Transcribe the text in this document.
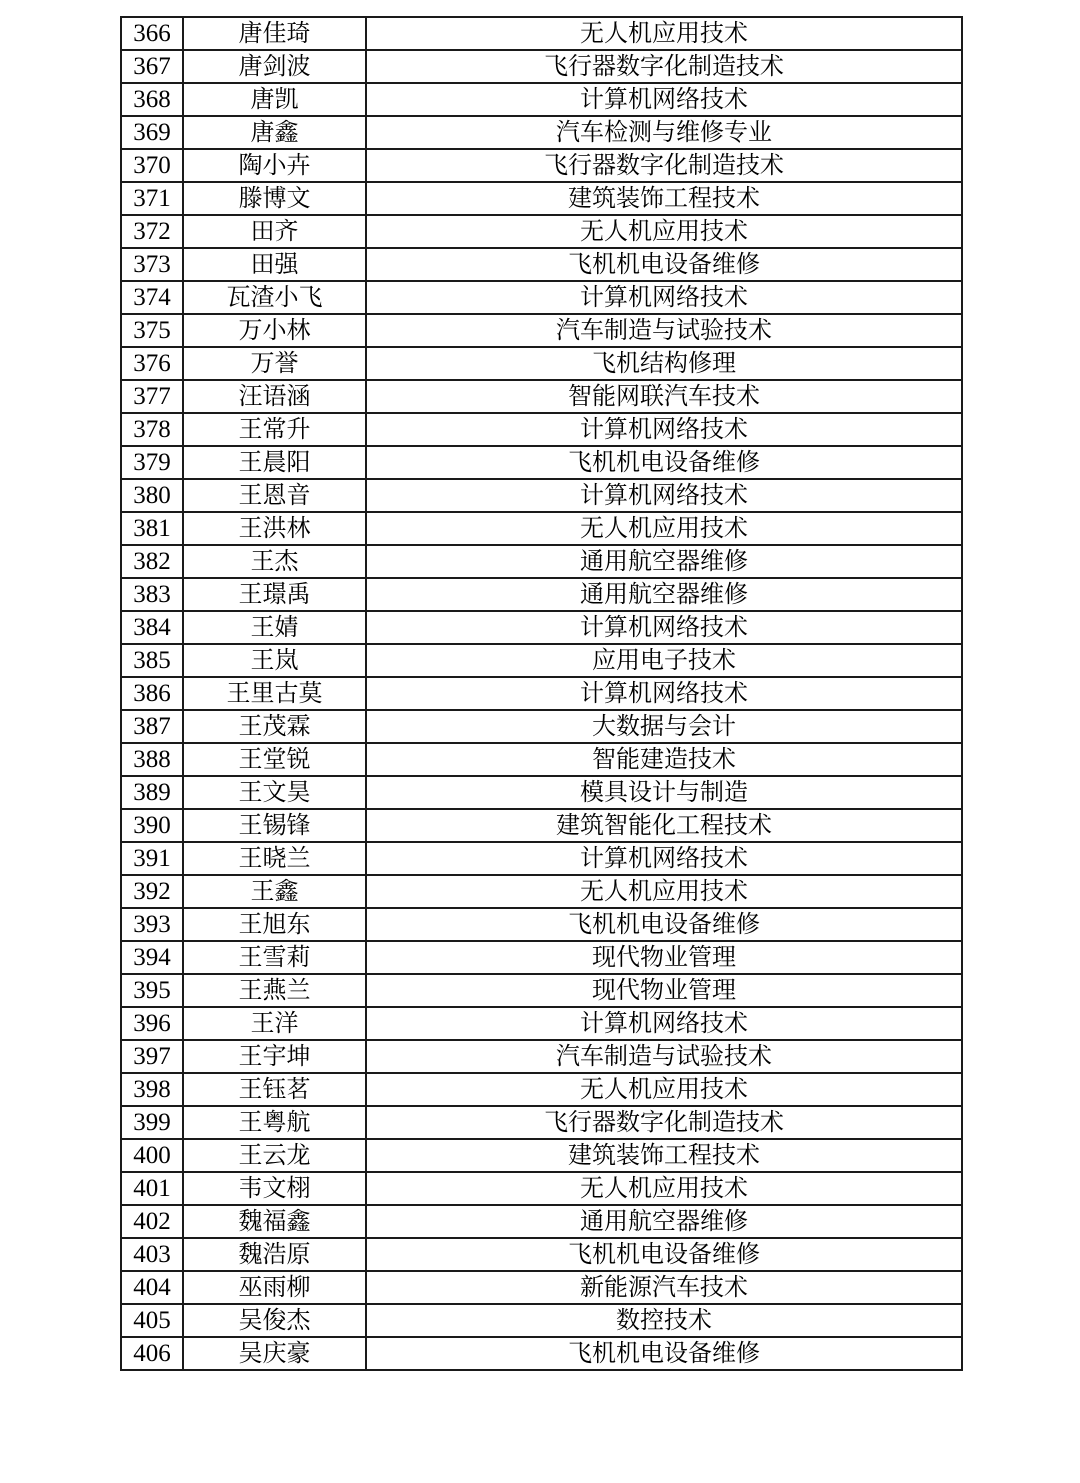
366	唐佳琦	无人机应用技术
367	唐剑波	飞行器数字化制造技术
368	唐凯	计算机网络技术
369	唐鑫	汽车检测与维修专业
370	陶小卉	飞行器数字化制造技术
371	滕博文	建筑装饰工程技术
372	田齐	无人机应用技术
373	田强	飞机机电设备维修
374	瓦渣小飞	计算机网络技术
375	万小林	汽车制造与试验技术
376	万誉	飞机结构修理
377	汪语涵	智能网联汽车技术
378	王常升	计算机网络技术
379	王晨阳	飞机机电设备维修
380	王恩音	计算机网络技术
381	王洪林	无人机应用技术
382	王杰	通用航空器维修
383	王璟禹	通用航空器维修
384	王婧	计算机网络技术
385	王岚	应用电子技术
386	王里古莫	计算机网络技术
387	王茂霖	大数据与会计
388	王堂锐	智能建造技术
389	王文昊	模具设计与制造
390	王锡锋	建筑智能化工程技术
391	王晓兰	计算机网络技术
392	王鑫	无人机应用技术
393	王旭东	飞机机电设备维修
394	王雪莉	现代物业管理
395	王燕兰	现代物业管理
396	王洋	计算机网络技术
397	王宇坤	汽车制造与试验技术
398	王钰茗	无人机应用技术
399	王粤航	飞行器数字化制造技术
400	王云龙	建筑装饰工程技术
401	韦文栩	无人机应用技术
402	魏福鑫	通用航空器维修
403	魏浩原	飞机机电设备维修
404	巫雨柳	新能源汽车技术
405	吴俊杰	数控技术
406	吴庆豪	飞机机电设备维修
